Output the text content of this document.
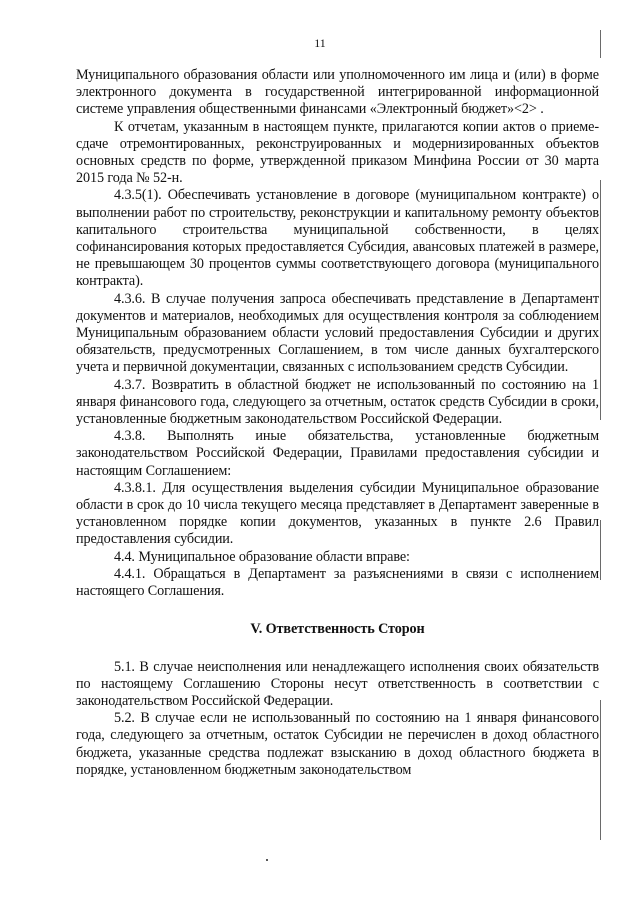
11

Муниципального образования области или уполномоченного им лица и (или) в форме электронного документа в государственной интегрированной информационной системе управления общественными финансами «Электронный бюджет»<2> .

К отчетам, указанным в настоящем пункте, прилагаются копии актов о приеме-сдаче отремонтированных, реконструированных и модернизированных объектов основных средств по форме, утвержденной приказом Минфина России от 30 марта 2015 года № 52-н.

4.3.5(1). Обеспечивать установление в договоре (муниципальном контракте) о выполнении работ по строительству, реконструкции и капитальному ремонту объектов капитального строительства муниципальной собственности, в целях софинансирования которых предоставляется Субсидия, авансовых платежей в размере, не превышающем 30 процентов суммы соответствующего договора (муниципального контракта).

4.3.6. В случае получения запроса обеспечивать представление в Департамент документов и материалов, необходимых для осуществления контроля за соблюдением Муниципальным образованием области условий предоставления Субсидии и других обязательств, предусмотренных Соглашением, в том числе данных бухгалтерского учета и первичной документации, связанных с использованием средств Субсидии.

4.3.7. Возвратить в областной бюджет не использованный по состоянию на 1 января финансового года, следующего за отчетным, остаток средств Субсидии в сроки, установленные бюджетным законодательством Российской Федерации.

4.3.8. Выполнять иные обязательства, установленные бюджетным законодательством Российской Федерации, Правилами предоставления субсидии и настоящим Соглашением:

4.3.8.1. Для осуществления выделения субсидии Муниципальное образование области в срок до 10 числа текущего месяца представляет в Департамент заверенные в установленном порядке копии документов, указанных в пункте 2.6 Правил предоставления субсидии.

4.4. Муниципальное образование области вправе:

4.4.1. Обращаться в Департамент за разъяснениями в связи с исполнением настоящего Соглашения.

V. Ответственность Сторон

5.1. В случае неисполнения или ненадлежащего исполнения своих обязательств по настоящему Соглашению Стороны несут ответственность в соответствии с законодательством Российской Федерации.

5.2. В случае если не использованный по состоянию на 1 января финансового года, следующего за отчетным, остаток Субсидии не перечислен в доход областного бюджета, указанные средства подлежат взысканию в доход областного бюджета в порядке, установленном бюджетным законодательством
